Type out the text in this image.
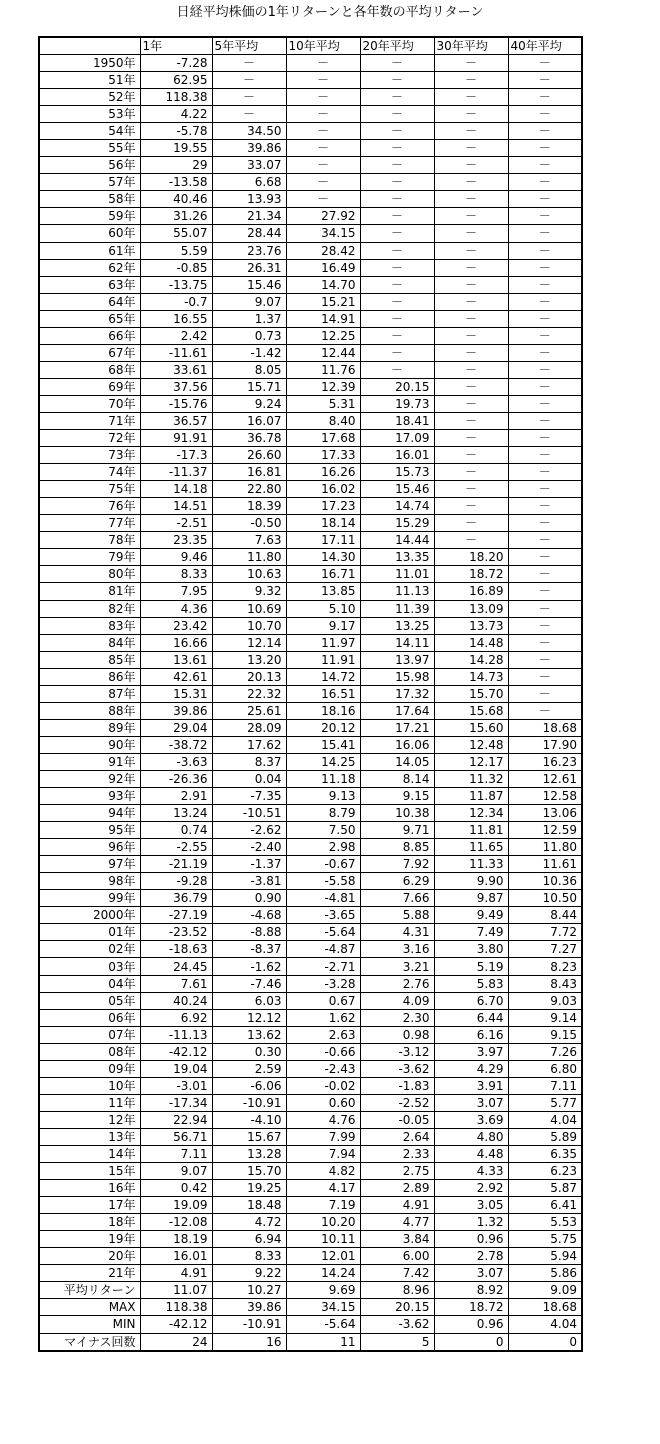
日経平均株価の1年リターンと各年数の平均リターン
	1年	5年平均	10年平均	20年平均	30年平均	40年平均
1950年	-7.28	－	－	－	－	－
51年	62.95	－	－	－	－	－
52年	118.38	－	－	－	－	－
53年	4.22	－	－	－	－	－
54年	-5.78	34.50	－	－	－	－
55年	19.55	39.86	－	－	－	－
56年	29	33.07	－	－	－	－
57年	-13.58	6.68	－	－	－	－
58年	40.46	13.93	－	－	－	－
59年	31.26	21.34	27.92	－	－	－
60年	55.07	28.44	34.15	－	－	－
61年	5.59	23.76	28.42	－	－	－
62年	-0.85	26.31	16.49	－	－	－
63年	-13.75	15.46	14.70	－	－	－
64年	-0.7	9.07	15.21	－	－	－
65年	16.55	1.37	14.91	－	－	－
66年	2.42	0.73	12.25	－	－	－
67年	-11.61	-1.42	12.44	－	－	－
68年	33.61	8.05	11.76	－	－	－
69年	37.56	15.71	12.39	20.15	－	－
70年	-15.76	9.24	5.31	19.73	－	－
71年	36.57	16.07	8.40	18.41	－	－
72年	91.91	36.78	17.68	17.09	－	－
73年	-17.3	26.60	17.33	16.01	－	－
74年	-11.37	16.81	16.26	15.73	－	－
75年	14.18	22.80	16.02	15.46	－	－
76年	14.51	18.39	17.23	14.74	－	－
77年	-2.51	-0.50	18.14	15.29	－	－
78年	23.35	7.63	17.11	14.44	－	－
79年	9.46	11.80	14.30	13.35	18.20	－
80年	8.33	10.63	16.71	11.01	18.72	－
81年	7.95	9.32	13.85	11.13	16.89	－
82年	4.36	10.69	5.10	11.39	13.09	－
83年	23.42	10.70	9.17	13.25	13.73	－
84年	16.66	12.14	11.97	14.11	14.48	－
85年	13.61	13.20	11.91	13.97	14.28	－
86年	42.61	20.13	14.72	15.98	14.73	－
87年	15.31	22.32	16.51	17.32	15.70	－
88年	39.86	25.61	18.16	17.64	15.68	－
89年	29.04	28.09	20.12	17.21	15.60	18.68
90年	-38.72	17.62	15.41	16.06	12.48	17.90
91年	-3.63	8.37	14.25	14.05	12.17	16.23
92年	-26.36	0.04	11.18	8.14	11.32	12.61
93年	2.91	-7.35	9.13	9.15	11.87	12.58
94年	13.24	-10.51	8.79	10.38	12.34	13.06
95年	0.74	-2.62	7.50	9.71	11.81	12.59
96年	-2.55	-2.40	2.98	8.85	11.65	11.80
97年	-21.19	-1.37	-0.67	7.92	11.33	11.61
98年	-9.28	-3.81	-5.58	6.29	9.90	10.36
99年	36.79	0.90	-4.81	7.66	9.87	10.50
2000年	-27.19	-4.68	-3.65	5.88	9.49	8.44
01年	-23.52	-8.88	-5.64	4.31	7.49	7.72
02年	-18.63	-8.37	-4.87	3.16	3.80	7.27
03年	24.45	-1.62	-2.71	3.21	5.19	8.23
04年	7.61	-7.46	-3.28	2.76	5.83	8.43
05年	40.24	6.03	0.67	4.09	6.70	9.03
06年	6.92	12.12	1.62	2.30	6.44	9.14
07年	-11.13	13.62	2.63	0.98	6.16	9.15
08年	-42.12	0.30	-0.66	-3.12	3.97	7.26
09年	19.04	2.59	-2.43	-3.62	4.29	6.80
10年	-3.01	-6.06	-0.02	-1.83	3.91	7.11
11年	-17.34	-10.91	0.60	-2.52	3.07	5.77
12年	22.94	-4.10	4.76	-0.05	3.69	4.04
13年	56.71	15.67	7.99	2.64	4.80	5.89
14年	7.11	13.28	7.94	2.33	4.48	6.35
15年	9.07	15.70	4.82	2.75	4.33	6.23
16年	0.42	19.25	4.17	2.89	2.92	5.87
17年	19.09	18.48	7.19	4.91	3.05	6.41
18年	-12.08	4.72	10.20	4.77	1.32	5.53
19年	18.19	6.94	10.11	3.84	0.96	5.75
20年	16.01	8.33	12.01	6.00	2.78	5.94
21年	4.91	9.22	14.24	7.42	3.07	5.86
平均リターン	11.07	10.27	9.69	8.96	8.92	9.09
MAX	118.38	39.86	34.15	20.15	18.72	18.68
MIN	-42.12	-10.91	-5.64	-3.62	0.96	4.04
マイナス回数	24	16	11	5	0	0
